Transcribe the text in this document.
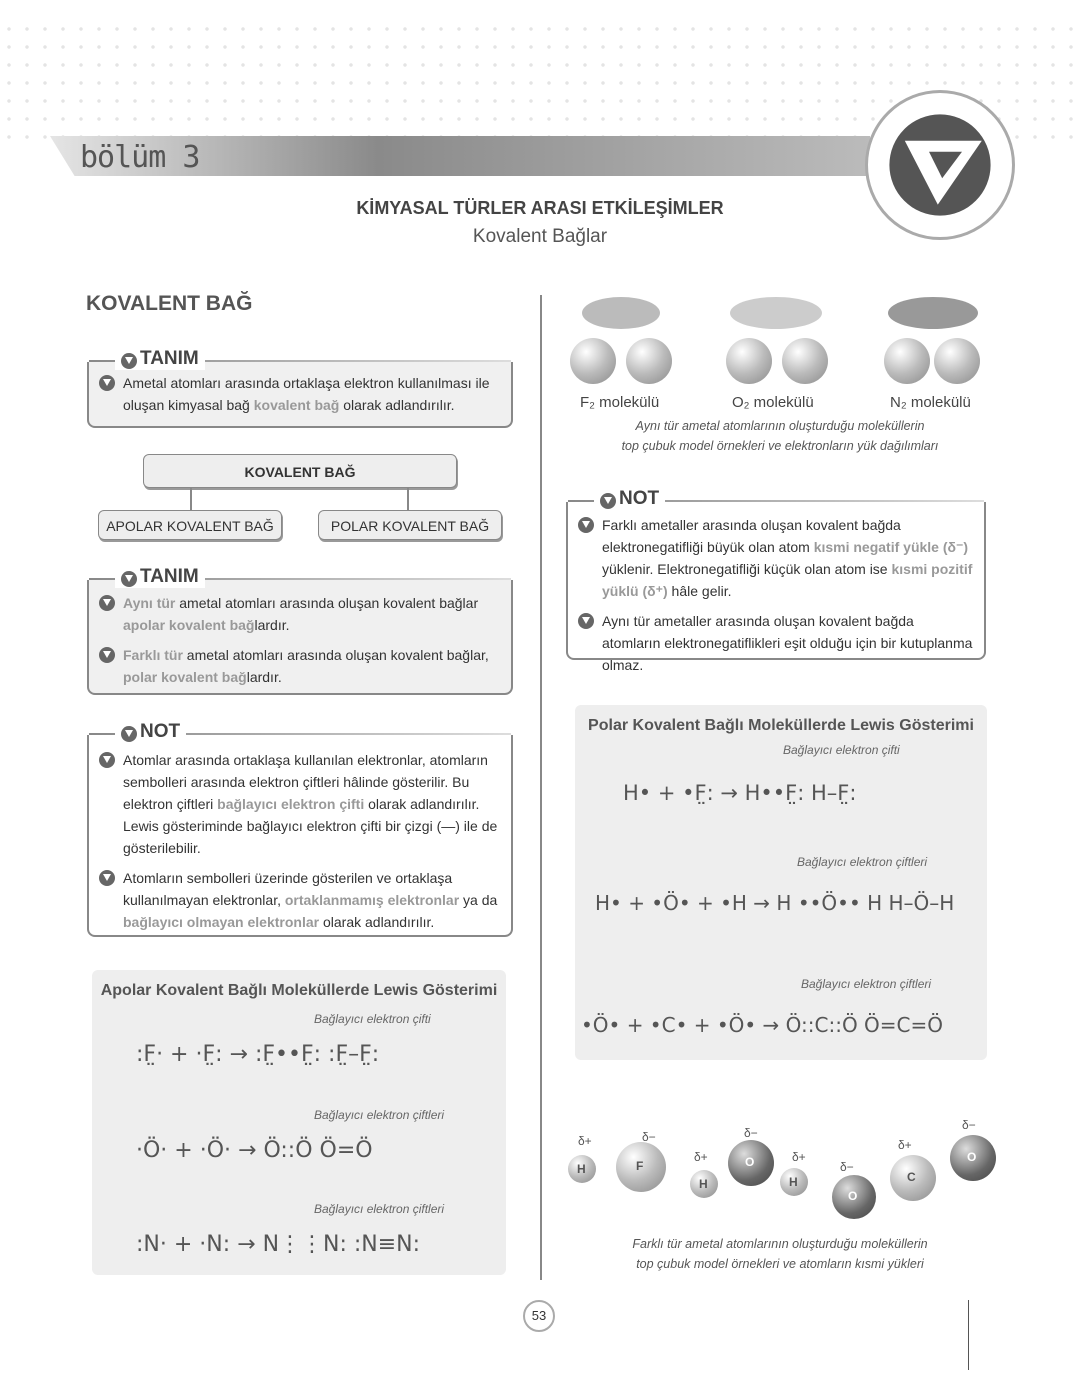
bölüm 3
KİMYASAL TÜRLER ARASI ETKİLEŞİMLER
Kovalent Bağlar
KOVALENT BAĞ
TANIM
Ametal atomları arasında ortaklaşa elektron kullanılması ile oluşan kimyasal bağ kovalent bağ olarak adlandırılır.
KOVALENT BAĞ
APOLAR KOVALENT BAĞ	POLAR KOVALENT BAĞ
TANIM
Aynı tür ametal atomları arasında oluşan kovalent bağlar apolar kovalent bağlardır.
Farklı tür ametal atomları arasında oluşan kovalent bağlar, polar kovalent bağlardır.
NOT
Atomlar arasında ortaklaşa kullanılan elektronlar, atomların sembolleri arasında elektron çiftleri hâlinde gösterilir. Bu elektron çiftleri bağlayıcı elektron çifti olarak adlandırılır. Lewis gösteriminde bağlayıcı elektron çifti bir çizgi (—) ile de gösterilebilir.
Atomların sembolleri üzerinde gösterilen ve ortaklaşa kullanılmayan elektronlar, ortaklanmamış elektronlar ya da bağlayıcı olmayan elektronlar olarak adlandırılır.
Apolar Kovalent Bağlı Moleküllerde Lewis Gösterimi
Bağlayıcı elektron çifti
:F̤· + ·F̤: → :F̤••F̤: :F̤–F̤:
Bağlayıcı elektron çiftleri
·Ö· + ·Ö· → Ö::Ö Ö=Ö
Bağlayıcı elektron çiftleri
:N· + ·N: → N⋮⋮N: :N≡N:
F₂ molekülü	O₂ molekülü	N₂ molekülü
Aynı tür ametal atomlarının oluşturduğu moleküllerin
top çubuk model örnekleri ve elektronların yük dağılımları
NOT
Farklı ametaller arasında oluşan kovalent bağda elektronegatifliği büyük olan atom kısmi negatif yükle (δ⁻) yüklenir. Elektronegatifliği küçük olan atom ise kısmi pozitif yüklü (δ⁺) hâle gelir.
Aynı tür ametaller arasında oluşan kovalent bağda atomların elektronegatiflikleri eşit olduğu için bir kutuplanma olmaz.
Polar Kovalent Bağlı Moleküllerde Lewis Gösterimi
Bağlayıcı elektron çifti
H• + •F̤: → H••F̤: H–F̤:
Bağlayıcı elektron çiftleri
H• + •Ö• + •H → H ••Ö•• H H–Ö–H
Bağlayıcı elektron çiftleri
•Ö• + •C• + •Ö• → Ö::C::Ö Ö=C=Ö
H	F
H
O
H
O
C
O
δ+	δ−
δ+
δ−
δ+
δ−
δ+
δ−
Farklı tür ametal atomlarının oluşturduğu moleküllerin
top çubuk model örnekleri ve atomların kısmi yükleri
53
